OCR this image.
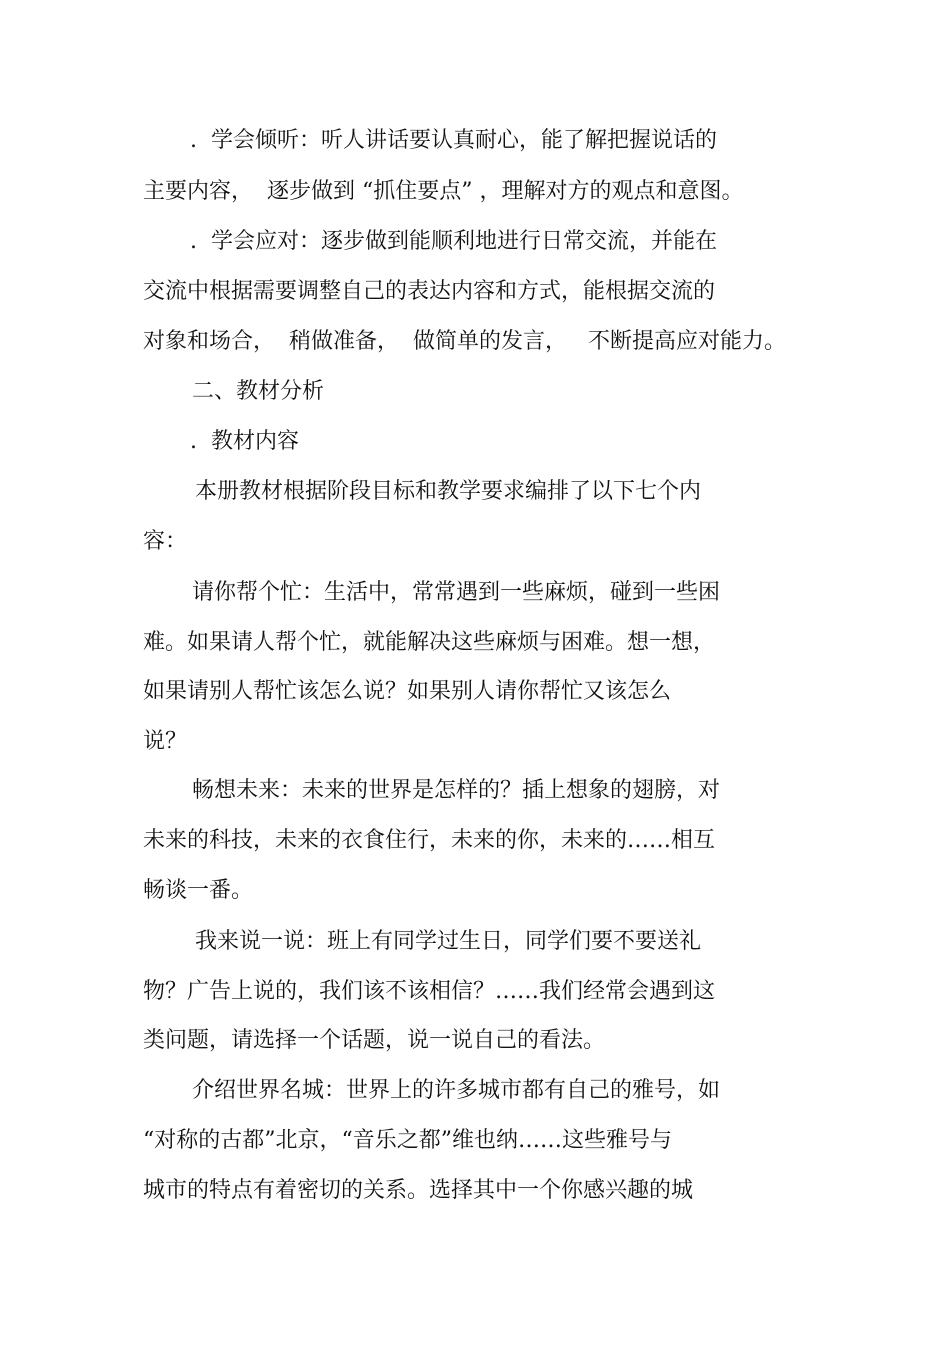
.  学会倾听：听人讲话要认真耐心，能了解把握说话的
主要内容，  逐步做到 “抓住要点” ，理解对方的观点和意图。
.  学会应对：逐步做到能顺利地进行日常交流，并能在
交流中根据需要调整自己的表达内容和方式，能根据交流的
对象和场合，  稍做准备，  做简单的发言，   不断提高应对能力。
二、教材分析
.  教材内容
本册教材根据阶段目标和教学要求编排了以下七个内
容：
请你帮个忙：生活中，常常遇到一些麻烦，碰到一些困
难。如果请人帮个忙，就能解决这些麻烦与困难。想一想，
如果请别人帮忙该怎么说？如果别人请你帮忙又该怎么
说？
畅想未来：未来的世界是怎样的？插上想象的翅膀，对
未来的科技，未来的衣食住行，未来的你，未来的……相互
畅谈一番。
我来说一说：班上有同学过生日，同学们要不要送礼
物？广告上说的，我们该不该相信？……我们经常会遇到这
类问题，请选择一个话题，说一说自己的看法。
介绍世界名城：世界上的许多城市都有自己的雅号，如
“对称的古都”北京，“音乐之都”维也纳……这些雅号与
城市的特点有着密切的关系。选择其中一个你感兴趣的城
